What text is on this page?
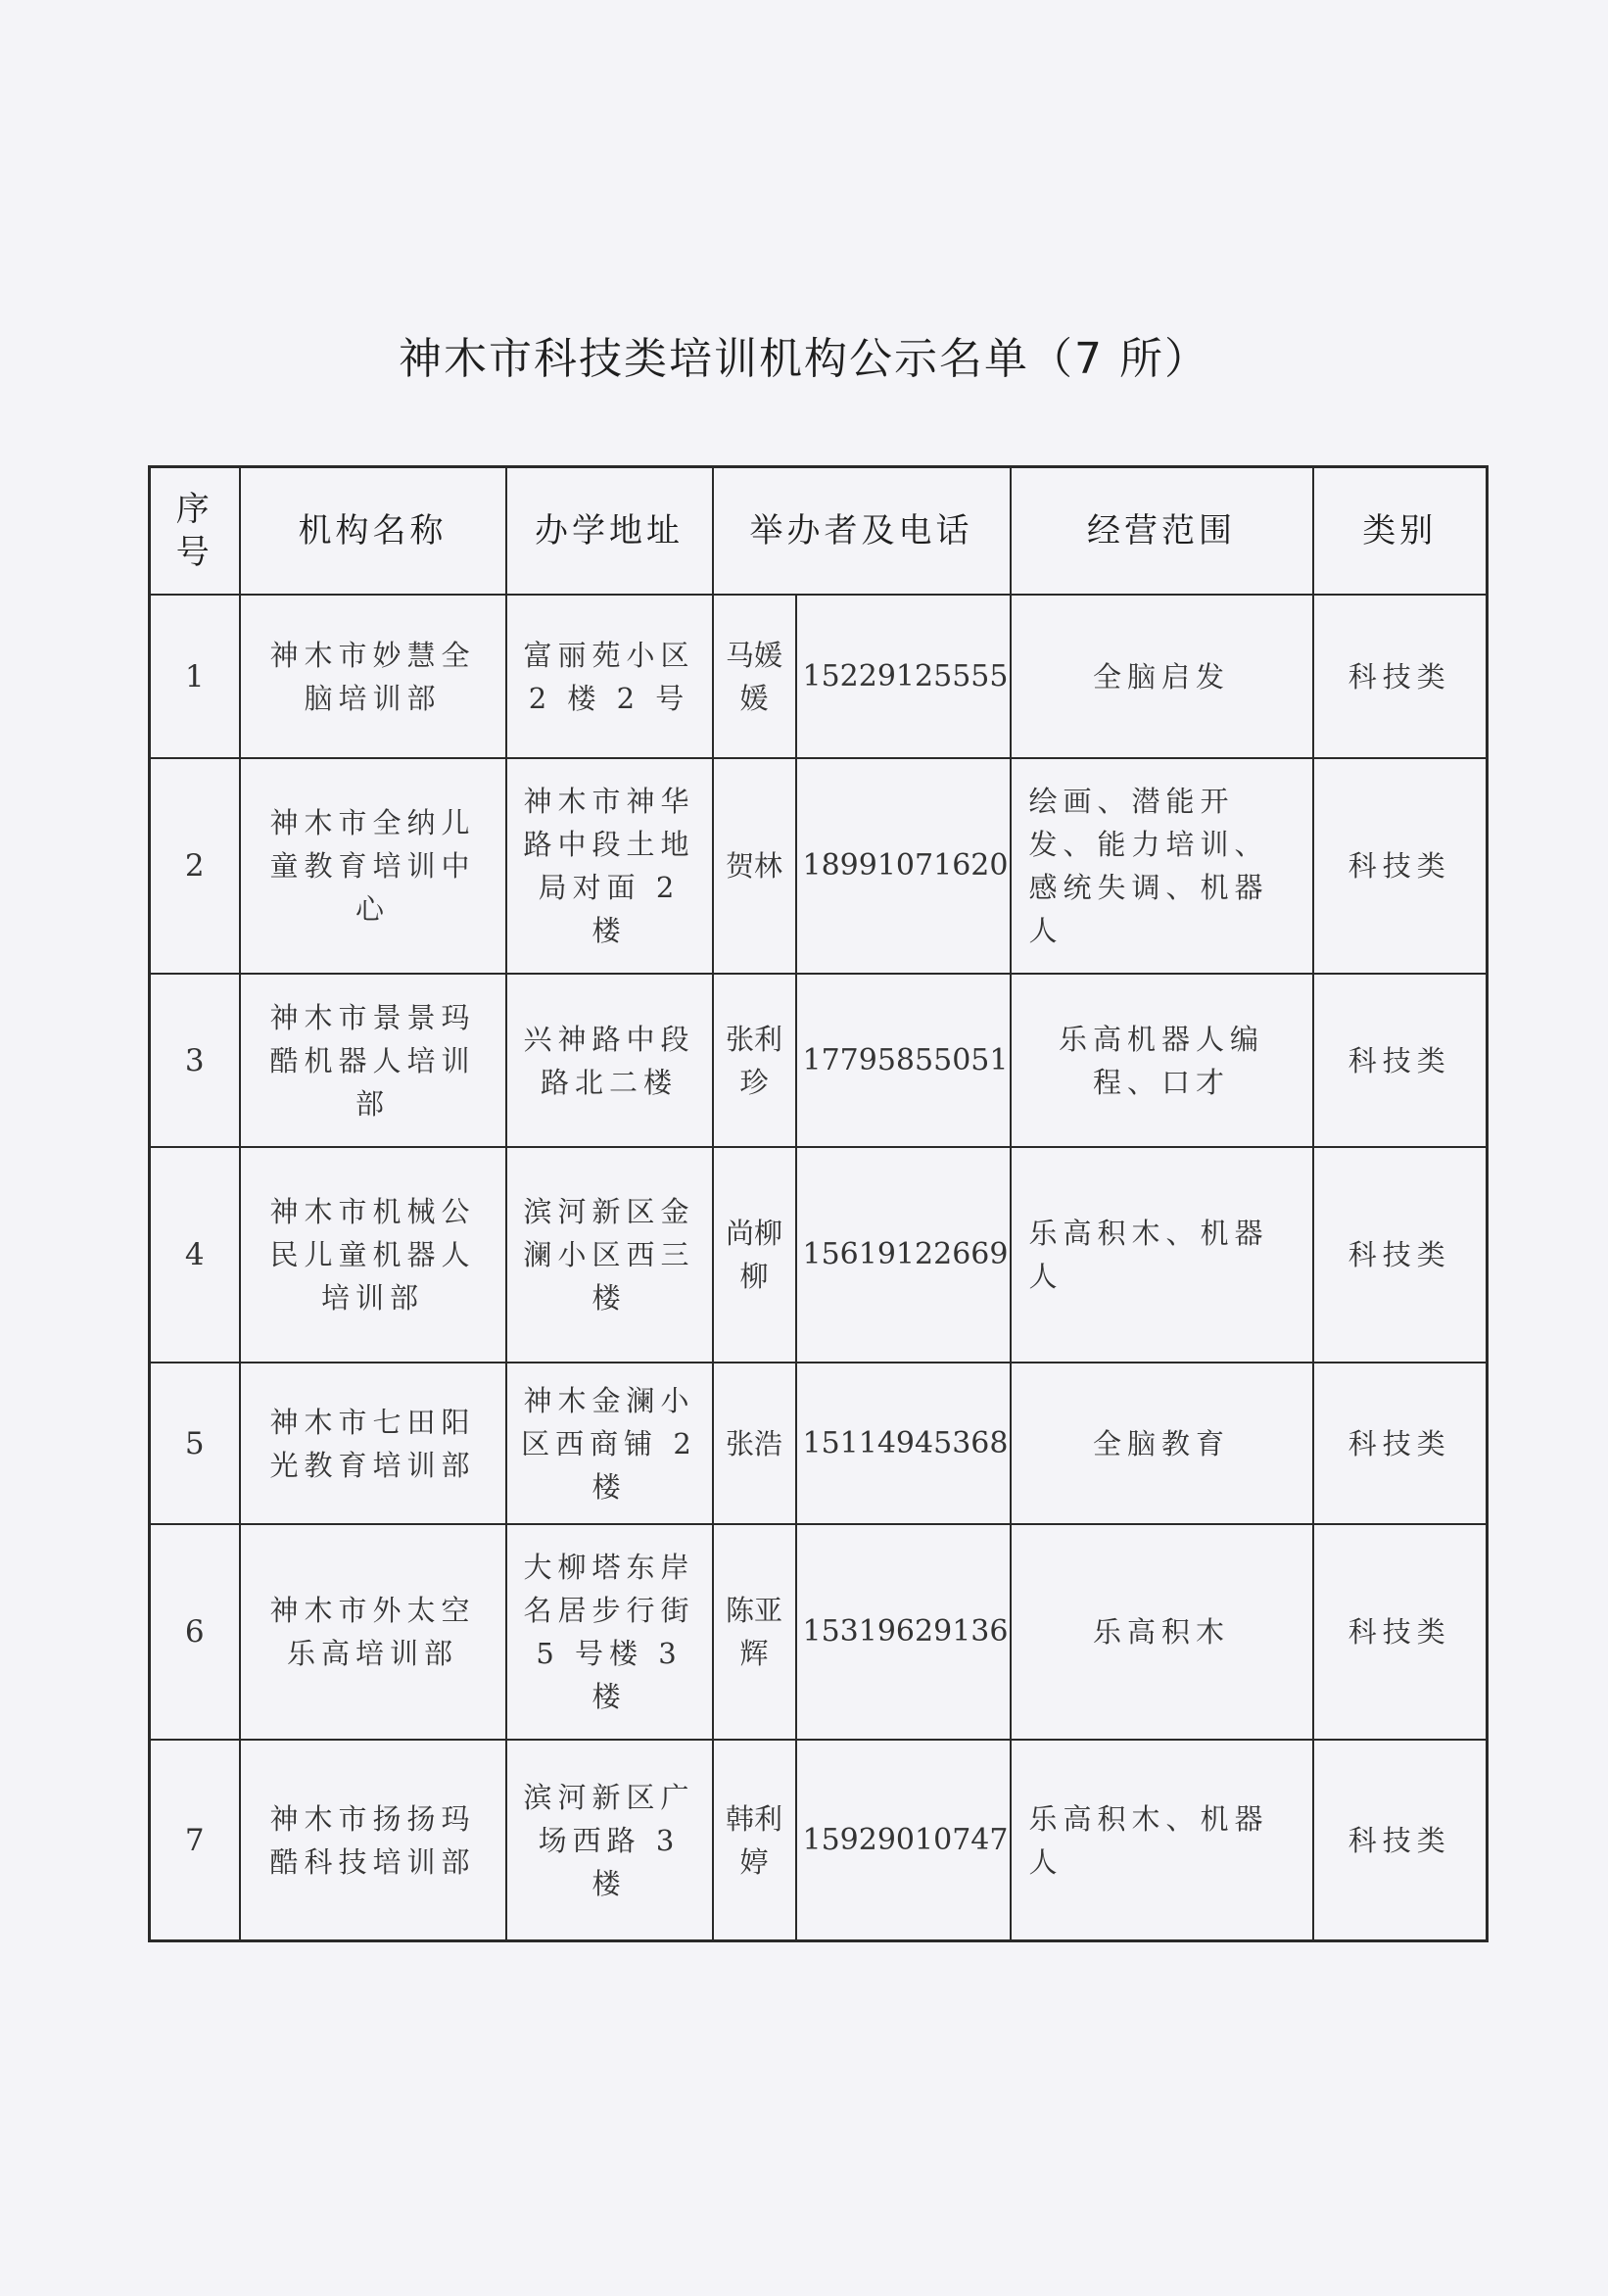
神木市科技类培训机构公示名单（7 所）
序号	机构名称	办学地址	举办者及电话		经营范围	类别
1	神木市妙慧全脑培训部	富丽苑小区 2 楼 2 号	马媛媛	15229125555	全脑启发	科技类
2	神木市全纳儿童教育培训中心	神木市神华路中段土地局对面 2 楼	贺林	18991071620	绘画、潜能开发、能力培训、感统失调、机器人	科技类
3	神木市景景玛酷机器人培训部	兴神路中段路北二楼	张利珍	17795855051	乐高机器人编程、口才	科技类
4	神木市机械公民儿童机器人培训部	滨河新区金澜小区西三楼	尚柳柳	15619122669	乐高积木、机器人	科技类
5	神木市七田阳光教育培训部	神木金澜小区西商铺 2 楼	张浩	15114945368	全脑教育	科技类
6	神木市外太空乐高培训部	大柳塔东岸名居步行街 5 号楼 3 楼	陈亚辉	15319629136	乐高积木	科技类
7	神木市扬扬玛酷科技培训部	滨河新区广场西路 3 楼	韩利婷	15929010747	乐高积木、机器人	科技类
